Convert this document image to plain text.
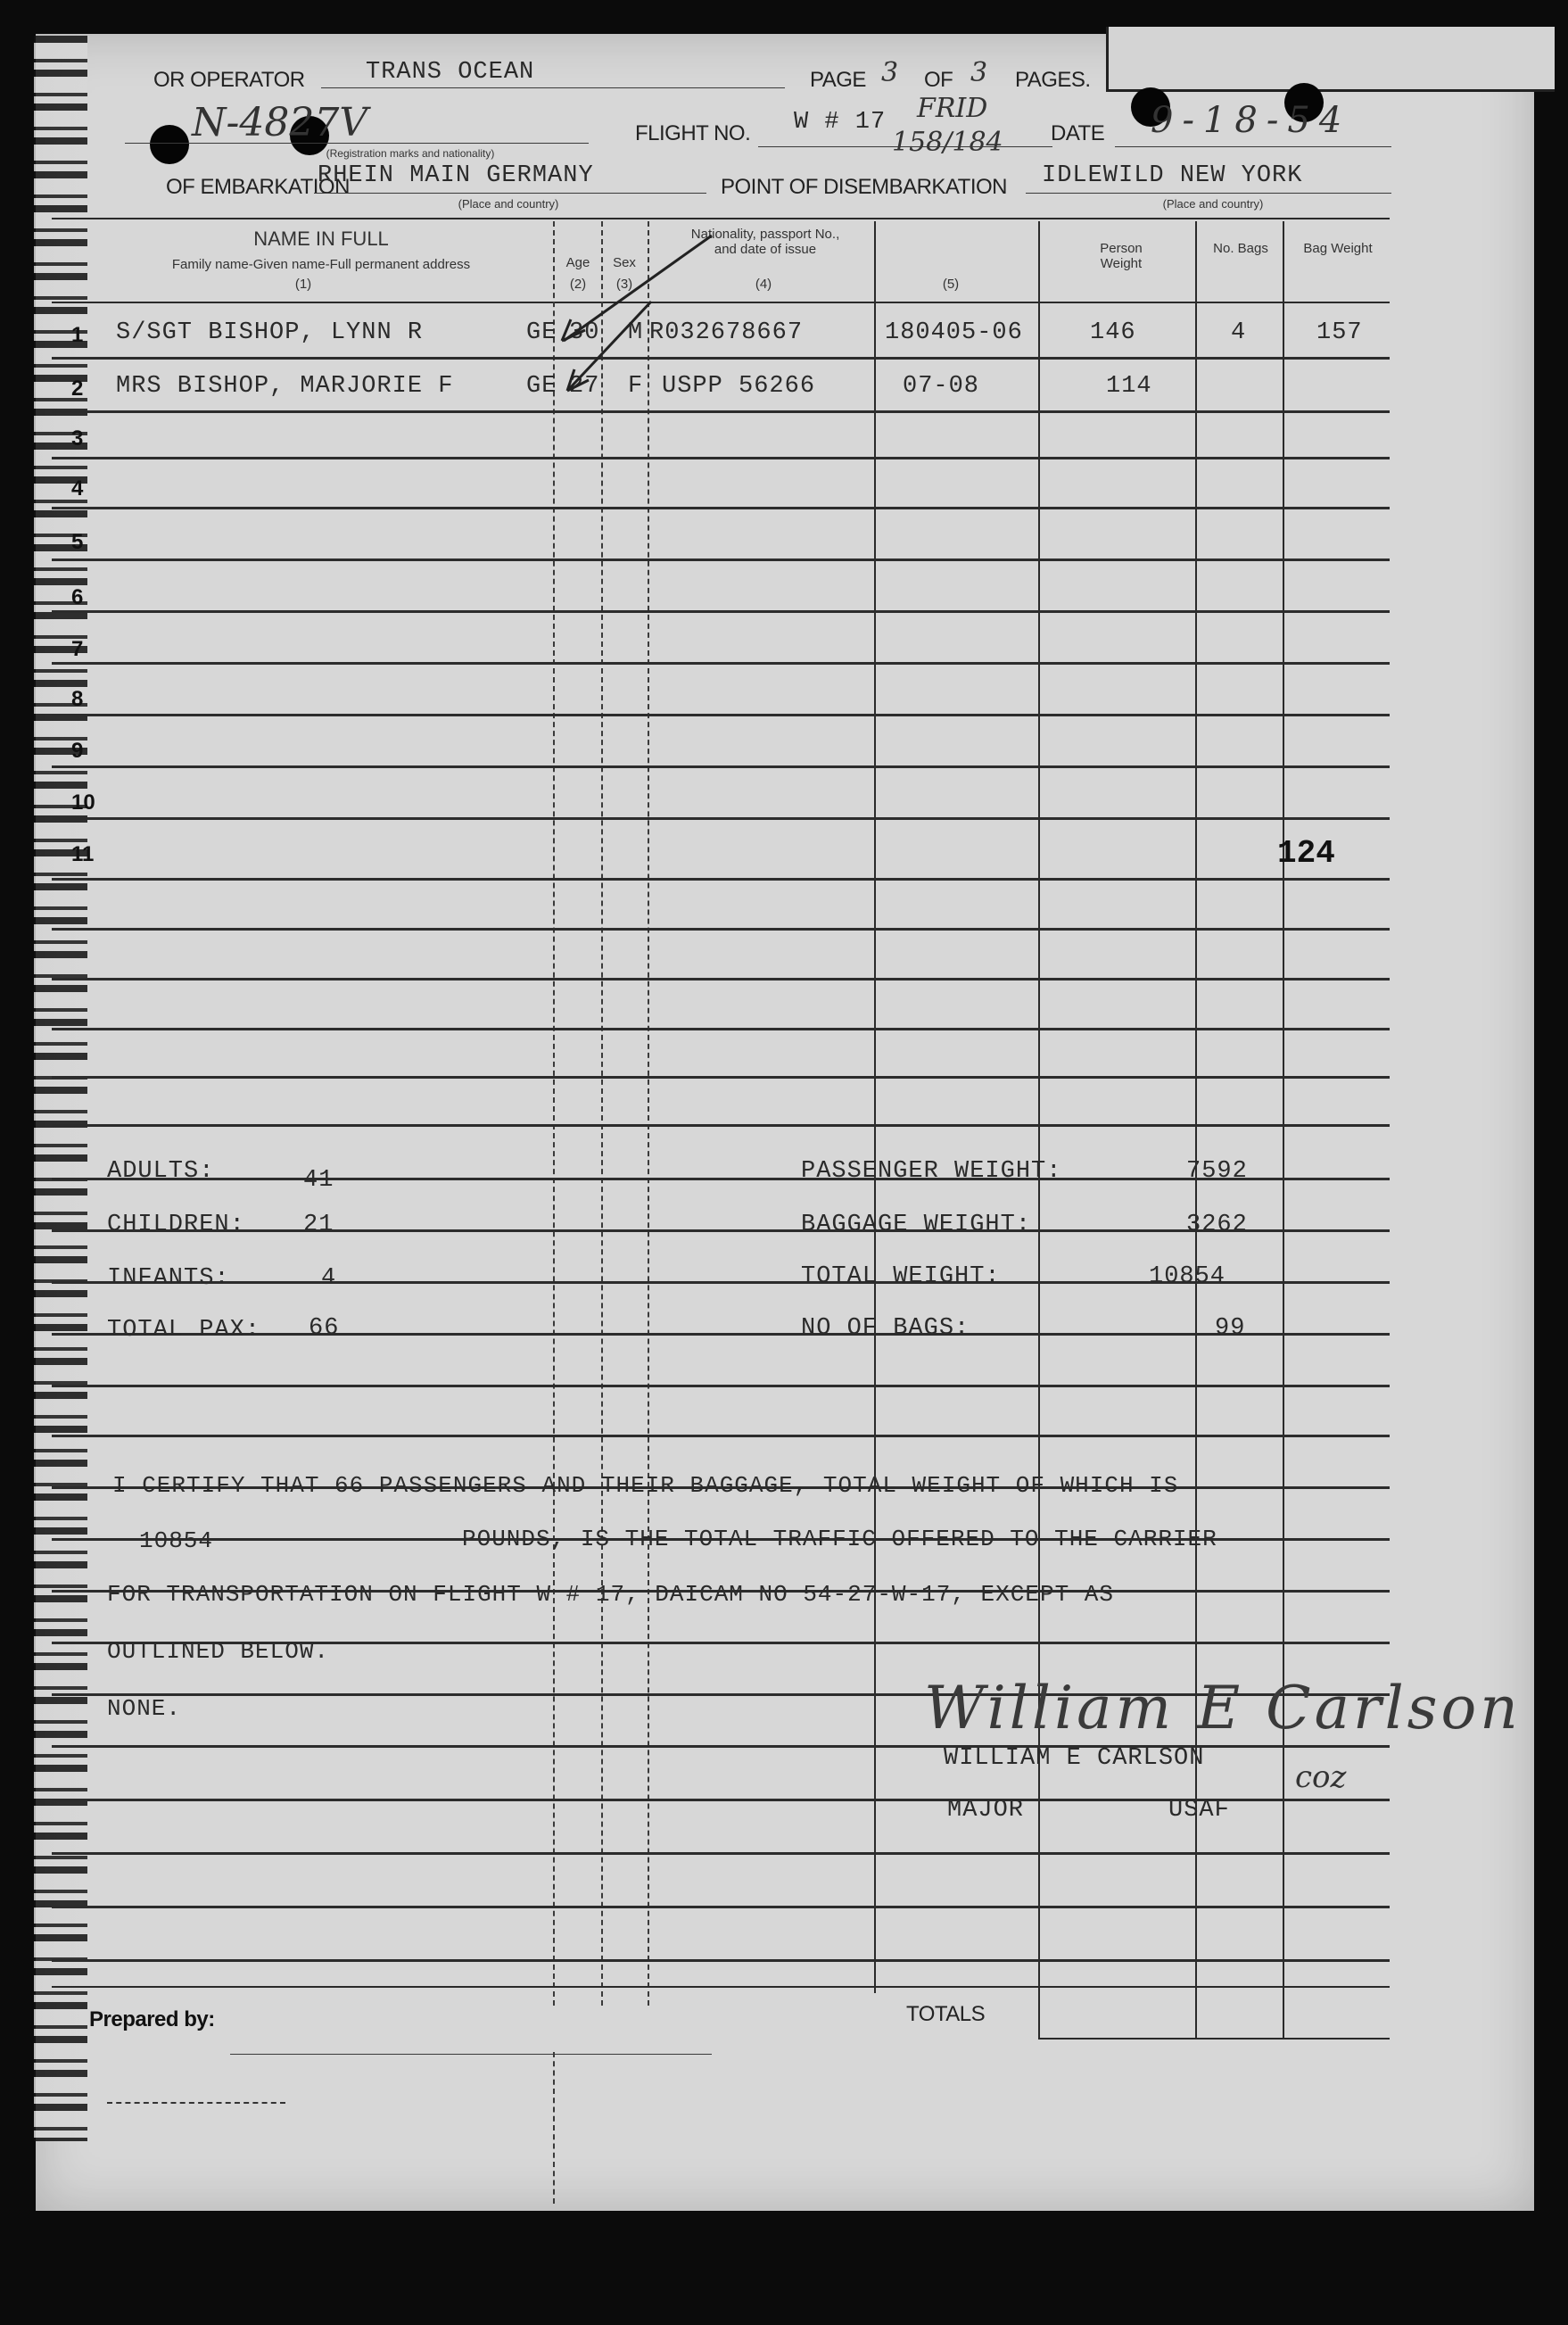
OR OPERATOR	TRANS OCEAN	PAGE 3 OF 3 PAGES.
N-4827V
(Registration marks and nationality)
FLIGHT NO. W # 17 FRID
158/184 DATE 9-18-54
OF EMBARKATION
RHEIN MAIN GERMANY
(Place and country)
POINT OF DISEMBARKATION IDLEWILD NEW YORK
(Place and country)
NAME IN FULL
Family name-Given name-Full permanent address
(1)
Age
(2)
Sex
(3)
Nationality, passport No., and date of issue
(4)	(5)
Person Weight
No. Bags	Bag Weight
1 S/SGT BISHOP, LYNN R	GE 30 M R032678667	180405-06	146	4	157
2 MRS BISHOP, MARJORIE F	GE 27 F USPP 56266	07-08	114
3
4
5
6
7
8
9
10
11	124
ADULTS:	41
CHILDREN: 21
INFANTS:	4
TOTAL PAX: 66
PASSENGER WEIGHT:	7592
BAGGAGE WEIGHT:	3262
TOTAL WEIGHT:	10854
NO OF BAGS:	99
I CERTIFY THAT 66 PASSENGERS AND THEIR BAGGAGE, TOTAL WEIGHT OF WHICH IS
10854	POUNDS, IS THE TOTAL TRAFFIC OFFERED TO THE CARRIER
FOR TRANSPORTATION ON FLIGHT W # 17, DAICAM NO 54-27-W-17, EXCEPT AS
OUTLINED BELOW.
NONE.	William E Carlson
WILLIAM E CARLSON
coz
MAJOR	USAF
Prepared by:	TOTALS
